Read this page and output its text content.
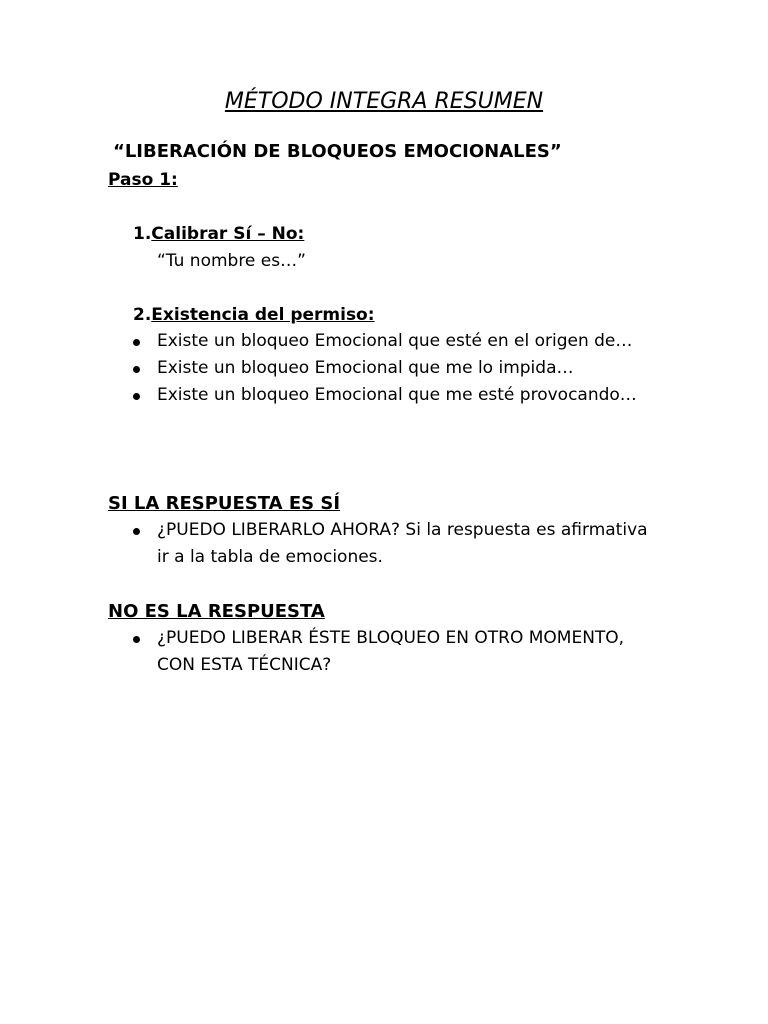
MÉTODO INTEGRA RESUMEN
“LIBERACIÓN DE BLOQUEOS EMOCIONALES”
Paso 1:
1.Calibrar Sí – No:
“Tu nombre es…”
2.Existencia del permiso:
Existe un bloqueo Emocional que esté en el origen de…
Existe un bloqueo Emocional que me lo impida…
Existe un bloqueo Emocional que me esté provocando…
SI LA RESPUESTA ES SÍ
¿PUEDO LIBERARLO AHORA? Si la respuesta es afirmativa ir a la tabla de emociones.
NO ES LA RESPUESTA
¿PUEDO LIBERAR ÉSTE BLOQUEO EN OTRO MOMENTO, CON ESTA TÉCNICA?
